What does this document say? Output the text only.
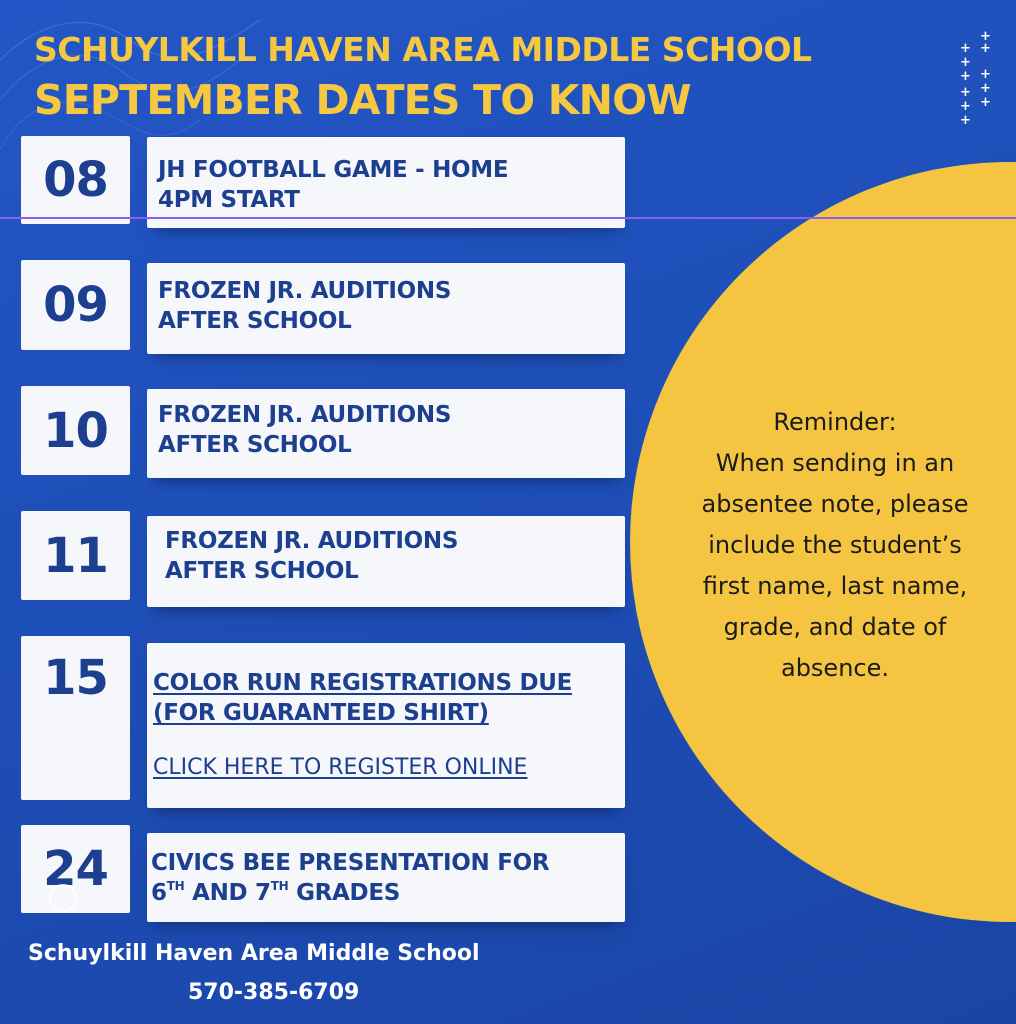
SCHUYLKILL HAVEN AREA MIDDLE SCHOOL
SEPTEMBER DATES TO KNOW
+
+ +
+
+
+
+
+
+
+
+
Reminder:
When sending in an
absentee note, please
include the student’s
first name, last name,
grade, and date of
absence.
08	JH FOOTBALL GAME - HOME
4PM START
09	FROZEN JR. AUDITIONS
AFTER SCHOOL
10	FROZEN JR. AUDITIONS
AFTER SCHOOL
11	FROZEN JR. AUDITIONS
AFTER SCHOOL
15	COLOR RUN REGISTRATIONS DUE
(FOR GUARANTEED SHIRT)
CLICK HERE TO REGISTER ONLINE
24	CIVICS BEE PRESENTATION FOR
6TH AND 7TH GRADES
Schuylkill Haven Area Middle School
570-385-6709
